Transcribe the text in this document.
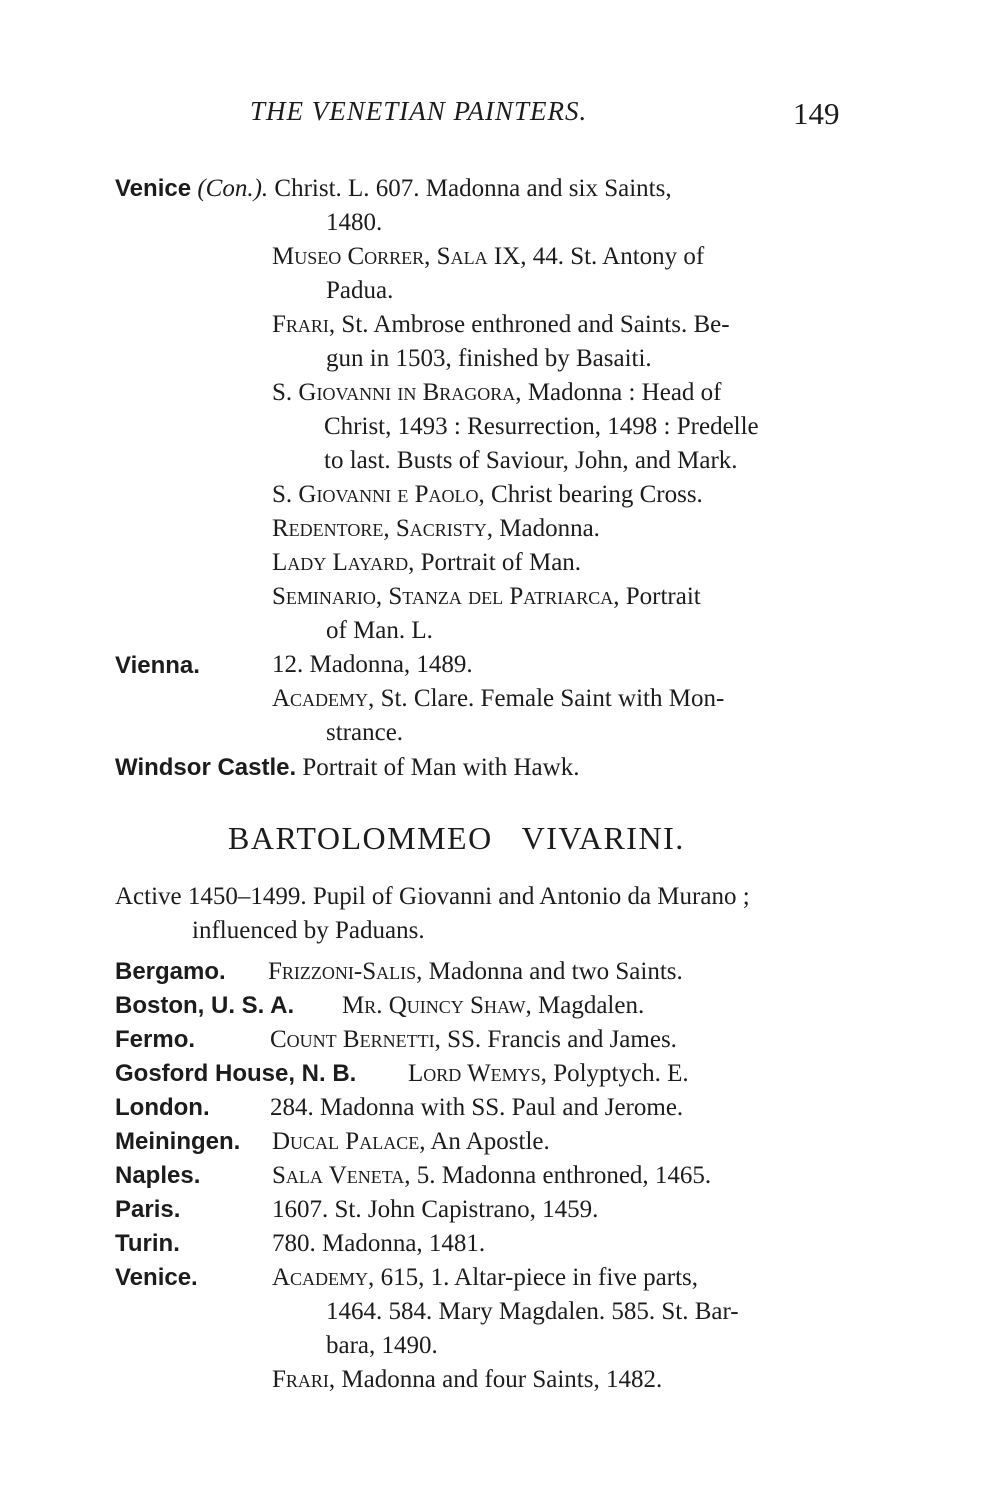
THE VENETIAN PAINTERS.	149
Venice (Con.). Christ. L. 607. Madonna and six Saints,
1480.
Museo Correr, Sala IX, 44. St. Antony of
Padua.
Frari, St. Ambrose enthroned and Saints. Be-
gun in 1503, finished by Basaiti.
S. Giovanni in Bragora, Madonna : Head of
Christ, 1493 : Resurrection, 1498 : Predelle
to last. Busts of Saviour, John, and Mark.
S. Giovanni e Paolo, Christ bearing Cross.
Redentore, Sacristy, Madonna.
Lady Layard, Portrait of Man.
Seminario, Stanza del Patriarca, Portrait
of Man. L.
Vienna.	12. Madonna, 1489.
Academy, St. Clare. Female Saint with Mon-
strance.
Windsor Castle. Portrait of Man with Hawk.
BARTOLOMMEO VIVARINI.
Active 1450–1499. Pupil of Giovanni and Antonio da Murano ;
influenced by Paduans.
Bergamo. Frizzoni-Salis, Madonna and two Saints.
Boston, U. S. A. Mr. Quincy Shaw, Magdalen.
Fermo.	Count Bernetti, SS. Francis and James.
Gosford House, N. B. Lord Wemys, Polyptych. E.
London. 284. Madonna with SS. Paul and Jerome.
Meiningen. Ducal Palace, An Apostle.
Naples.	Sala Veneta, 5. Madonna enthroned, 1465.
Paris.	1607. St. John Capistrano, 1459.
Turin.	780. Madonna, 1481.
Venice.	Academy, 615, 1. Altar-piece in five parts,
1464. 584. Mary Magdalen. 585. St. Bar-
bara, 1490.
Frari, Madonna and four Saints, 1482.
